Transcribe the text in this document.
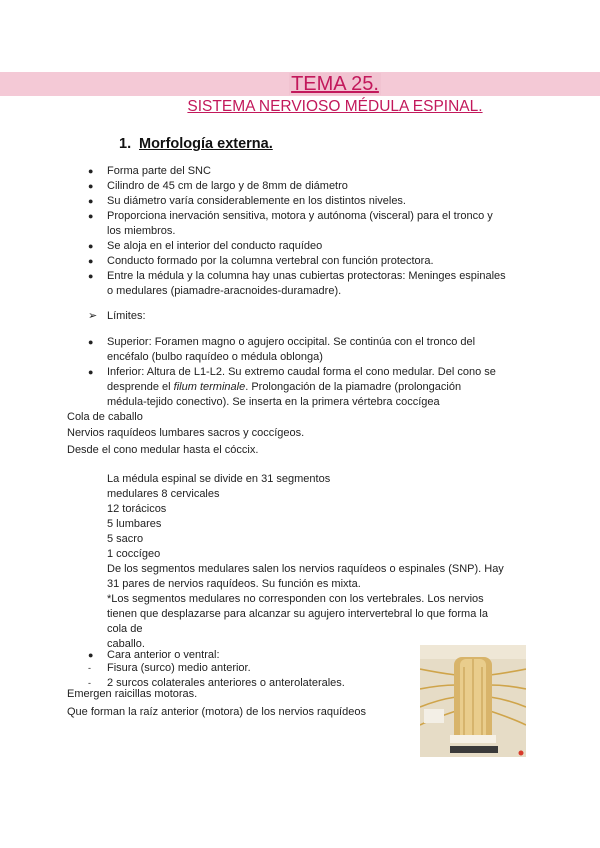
TEMA 25.
SISTEMA NERVIOSO MÉDULA ESPINAL.
1. Morfología externa.
● Forma parte del SNC
● Cilindro de 45 cm de largo y de 8mm de diámetro
● Su diámetro varía considerablemente en los distintos niveles.
● Proporciona inervación sensitiva, motora y autónoma (visceral) para el tronco y los miembros.
● Se aloja en el interior del conducto raquídeo
● Conducto formado por la columna vertebral con función protectora.
● Entre la médula y la columna hay unas cubiertas protectoras: Meninges espinales o medulares (piamadre-aracnoides-duramadre).
➢ Límites:
● Superior: Foramen magno o agujero occipital. Se continúa con el tronco del encéfalo (bulbo raquídeo o médula oblonga)
● Inferior: Altura de L1-L2. Su extremo caudal forma el cono medular. Del cono se desprende el filum terminale. Prolongación de la piamadre (prolongación médula-tejido conectivo). Se inserta en la primera vértebra coccígea
Cola de caballo
Nervios raquídeos lumbares sacros y coccígeos.
Desde el cono medular hasta el cóccix.
La médula espinal se divide en 31 segmentos
medulares 8 cervicales
12 torácicos
5 lumbares
5 sacro
1 coccígeo
De los segmentos medulares salen los nervios raquídeos o espinales (SNP). Hay
31 pares de nervios raquídeos. Su función es mixta.
*Los segmentos medulares no corresponden con los vertebrales. Los nervios
tienen que desplazarse para alcanzar su agujero intervertebral lo que forma la
cola de
caballo.
● Cara anterior o ventral:
- Fisura (surco) medio anterior.
- 2 surcos colaterales anteriores o anterolaterales.
Emergen raicillas motoras.
Que forman la raíz anterior (motora) de los nervios raquídeos
